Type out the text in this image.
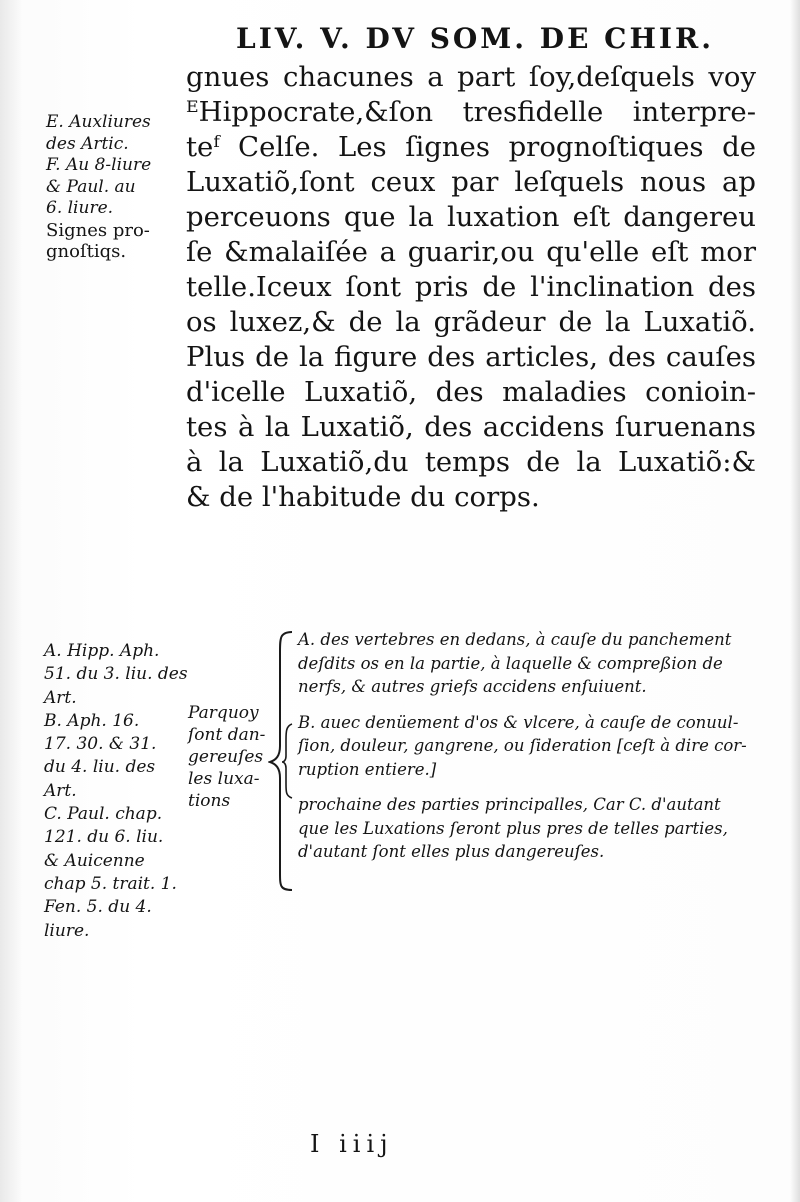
LIV. V. DV SOM. DE CHIR.
E. Auxliures
des Artic.
F. Au 8-liure
& Paul. au
6. liure.
Signes pro-
gnoſtiqs.
gnues chacunes a part ſoy,deſquels voy
ᴱHippocrate,&ſon tresfidelle interpre-
teᶠ Celſe. Les ſignes prognoſtiques de
Luxatiõ,ſont ceux par leſquels nous ap
perceuons que la luxation eſt dangereu
ſe &malaiſée a guarir,ou qu'elle eſt mor
telle.Iceux ſont pris de l'inclination des
os luxez,& de la grãdeur de la Luxatiõ.
Plus de la figure des articles, des cauſes
d'icelle Luxatiõ, des maladies conioin-
tes à la Luxatiõ, des accidens ſuruenans
à la Luxatiõ,du temps de la Luxatiõ:&
& de l'habitude du corps.
A. Hipp. Aph.
51. du 3. liu. des
Art.
B. Aph. 16.
17. 30. & 31.
du 4. liu. des
Art.
C. Paul. chap.
121. du 6. liu.
& Auicenne
chap 5. trait. 1.
Fen. 5. du 4.
liure.
Parquoy
ſont dan-
gereuſes
les luxa-
tions
A. des vertebres en dedans, à cauſe du panchement
deſdits os en la partie, à laquelle & compreßion de
nerfs, & autres griefs accidens enſuiuent.
B. auec denüement d'os & vlcere, à cauſe de conuul-
ſion, douleur, gangrene, ou ſideration [ceſt à dire cor-
ruption entiere.]
prochaine des parties principalles, Car C. d'autant
que les Luxations ſeront plus pres de telles parties,
d'autant ſont elles plus dangereuſes.
I iiij
